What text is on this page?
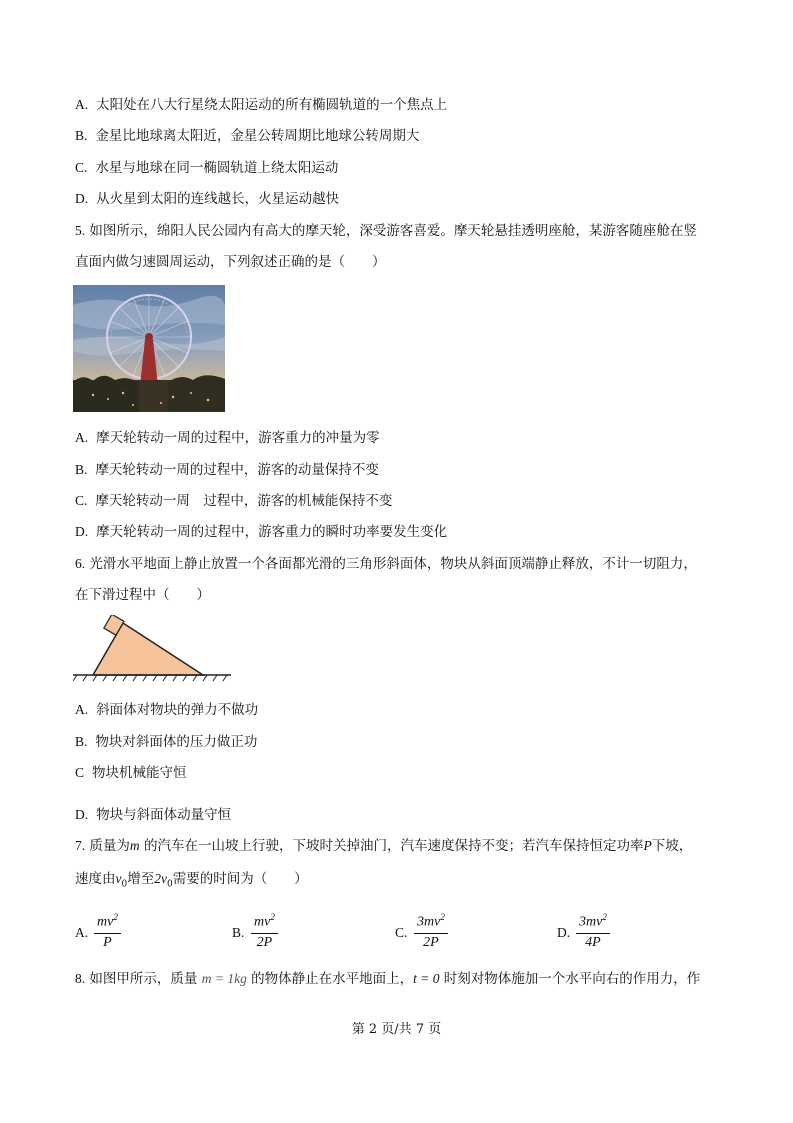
A. 太阳处在八大行星绕太阳运动的所有椭圆轨道的一个焦点上
B. 金星比地球离太阳近，金星公转周期比地球公转周期大
C. 水星与地球在同一椭圆轨道上绕太阳运动
D. 从火星到太阳的连线越长，火星运动越快
5. 如图所示，绵阳人民公园内有高大的摩天轮，深受游客喜爱。摩天轮悬挂透明座舱，某游客随座舱在竖
直面内做匀速圆周运动，下列叙述正确的是（　　）
A. 摩天轮转动一周的过程中，游客重力的冲量为零
B. 摩天轮转动一周的过程中，游客的动量保持不变
C. 摩天轮转动一周　过程中，游客的机械能保持不变
D. 摩天轮转动一周的过程中，游客重力的瞬时功率要发生变化
6. 光滑水平地面上静止放置一个各面都光滑的三角形斜面体，物块从斜面顶端静止释放，不计一切阻力，
在下滑过程中（　　）
A. 斜面体对物块的弹力不做功
B. 物块对斜面体的压力做正功
C 物块机械能守恒
D. 物块与斜面体动量守恒
7. 质量为m 的汽车在一山坡上行驶，下坡时关掉油门，汽车速度保持不变；若汽车保持恒定功率P下坡，
速度由$v_0$增至$2v_0$需要的时间为（　　）
A. $\frac{mv^2}{P}$	B. $\frac{mv^2}{2P}$	C. $\frac{3mv^2}{2P}$	D. $\frac{3mv^2}{4P}$
8. 如图甲所示，质量 m = 1kg 的物体静止在水平地面上，t = 0 时刻对物体施加一个水平向右的作用力，作
第 2 页/共 7 页
